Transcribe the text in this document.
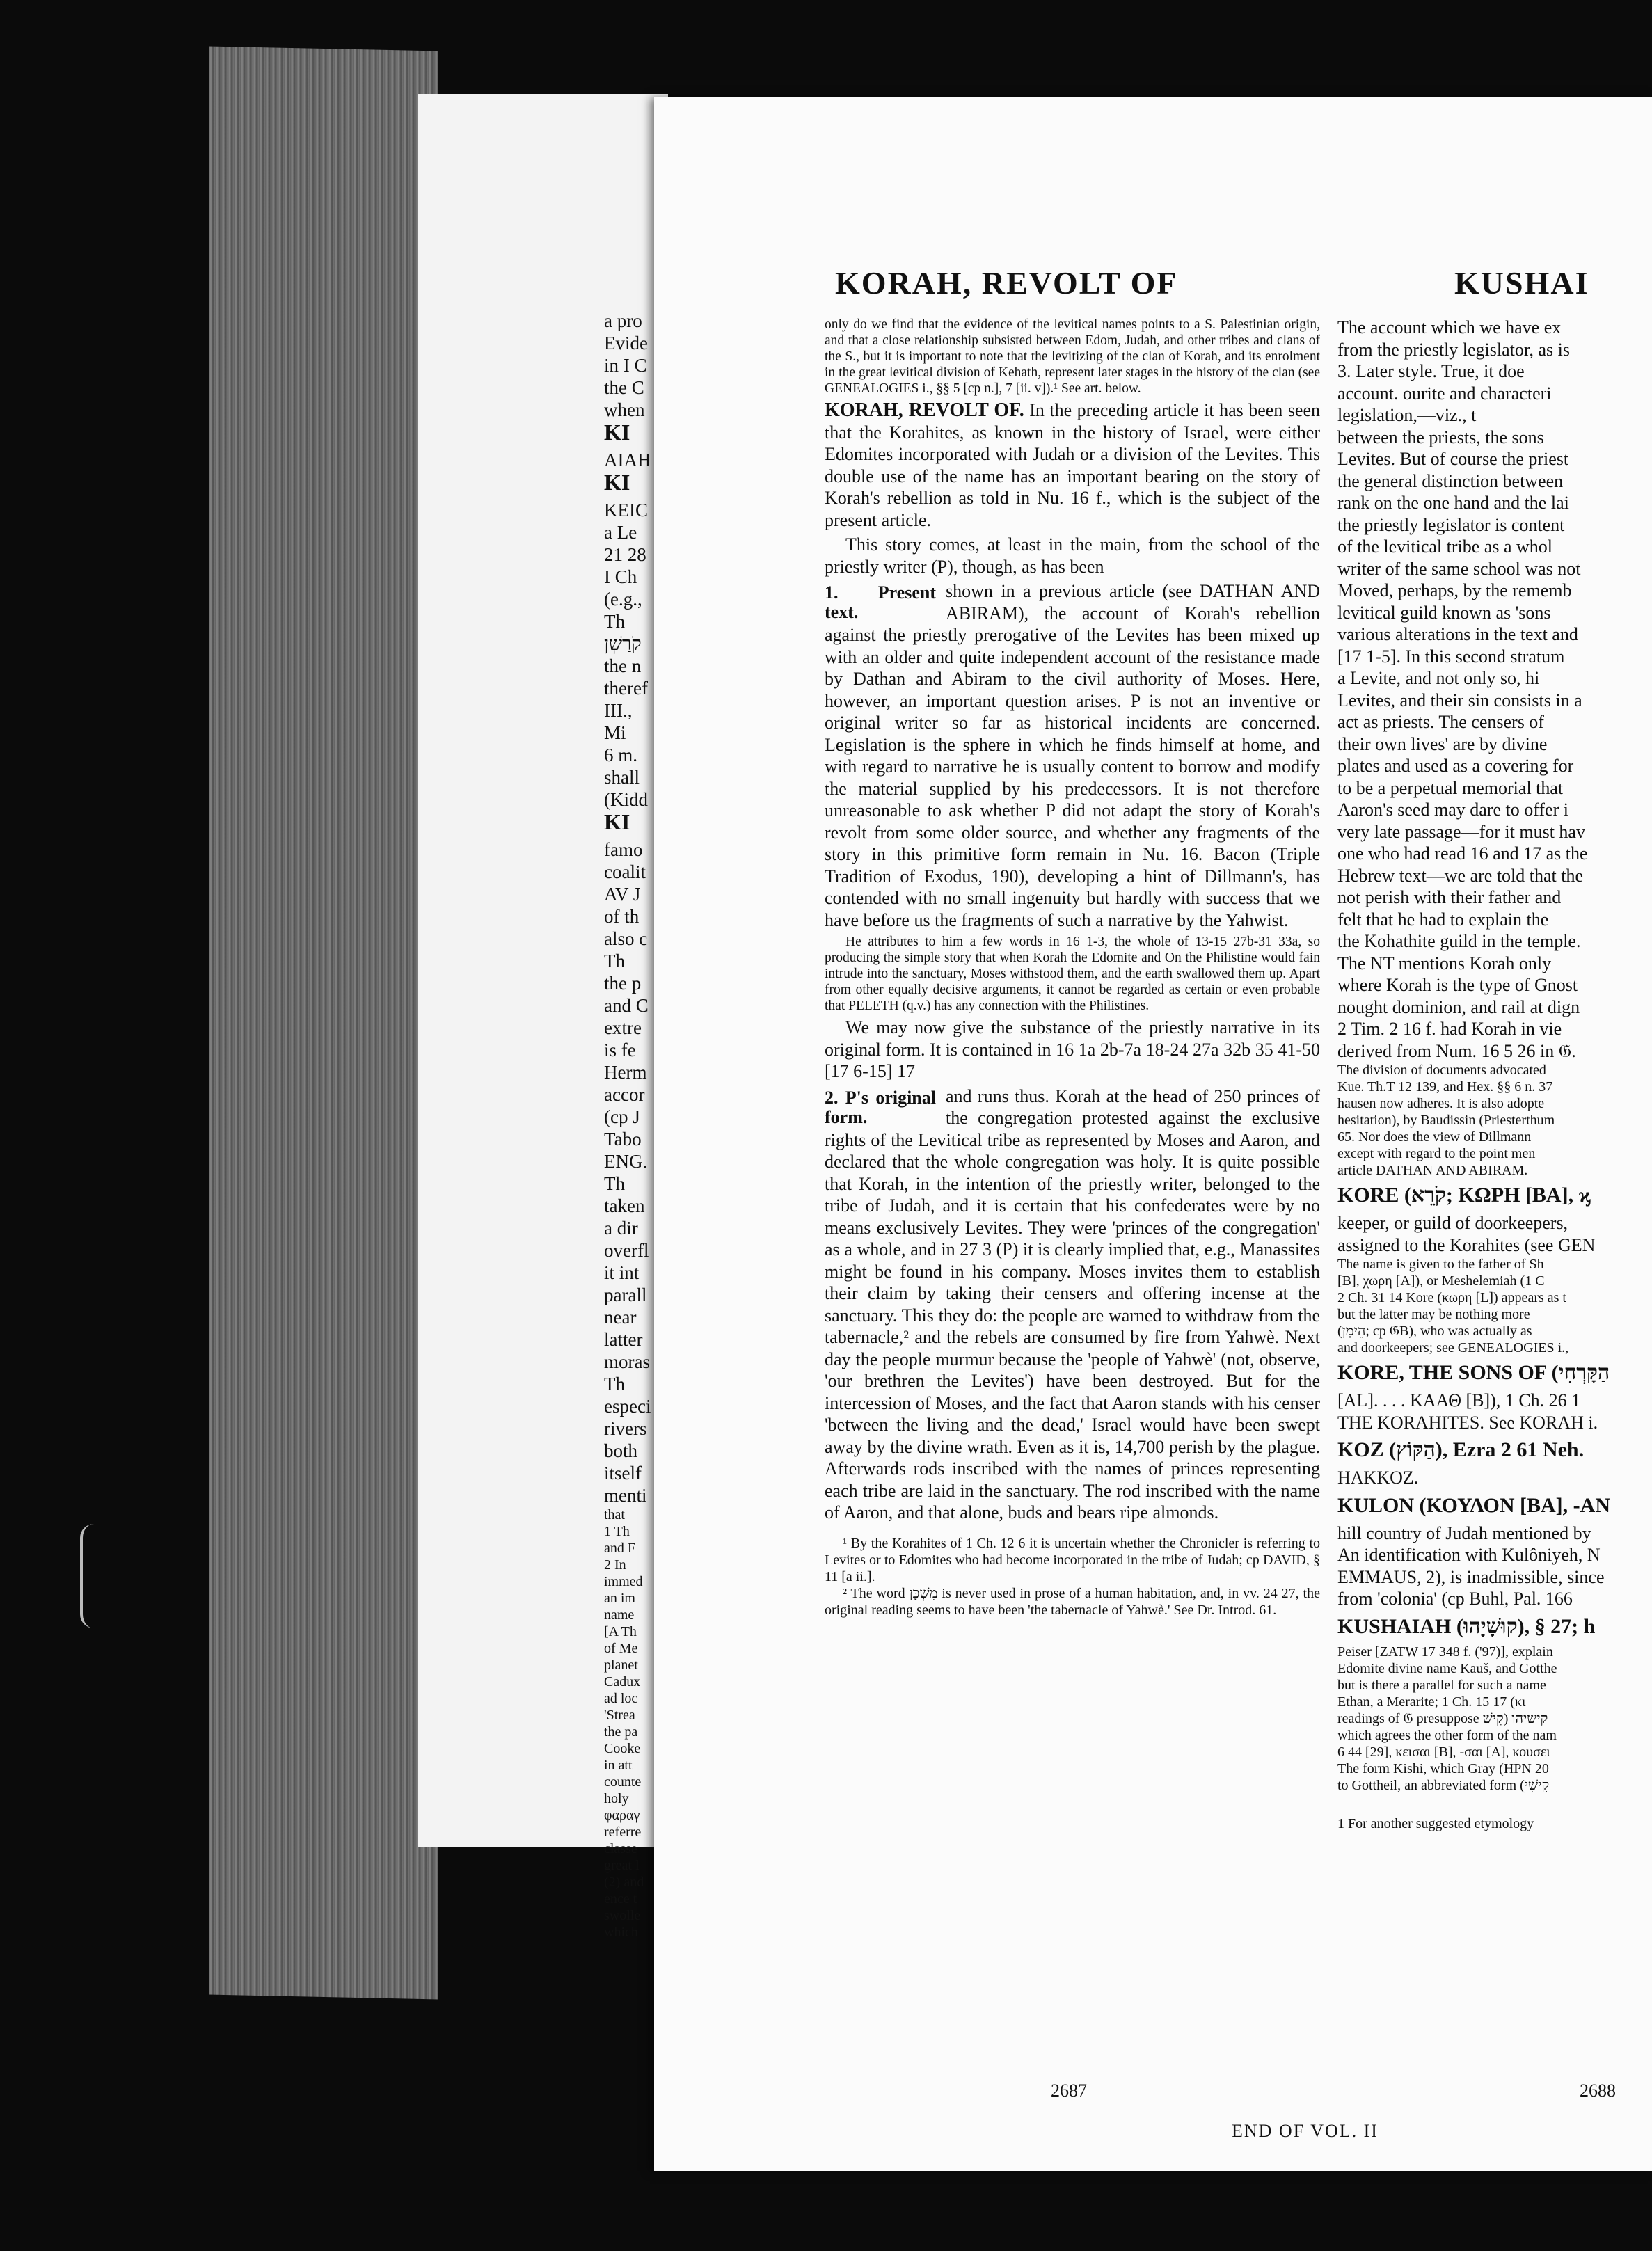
a pro
Evide
in I C
the C
when
KI
AIAH
KI
KEIC
a Le
21 28
I Ch
(e.g.,
Th
קֹרַשְׁן
the n
theref
III.,
Mi
6 m.
shall
(Kidd
KI
famo
coalit
AV J
of th
also c
Th
the p
and C
extre
is fe
Herm
accor
(cp J
Tabo
ENG.
Th
taken
a dir
overfl
it int
parall
near
latter
moras
Th
especi
rivers
both
itself
menti
that
1 Th
and F
2 In
immed
an im
name
[A Th
of Me
planet
Cadux
ad loc
'Strea
the pa
Cooke
in att
counte
holy
φαραγ
referre
classe
great l
(2) and
ence t
swolle
which
KORAH, REVOLT OF	KUSHAI

only do we find that the evidence of the levitical names points to a S. Palestinian origin, and that a close relationship subsisted between Edom, Judah, and other tribes and clans of the S., but it is important to note that the levitizing of the clan of Korah, and its enrolment in the great levitical division of Kehath, represent later stages in the history of the clan (see GENEALOGIES i., §§ 5 [cp n.], 7 [ii. v]).¹ See art. below.

KORAH, REVOLT OF. In the preceding article it has been seen that the Korahites, as known in the history of Israel, were either Edomites incorporated with Judah or a division of the Levites. This double use of the name has an important bearing on the story of Korah's rebellion as told in Nu. 16 f., which is the subject of the present article.

This story comes, at least in the main, from the school of the priestly writer (P), though, as has been

1. Present text.
shown in a previous article (see DATHAN AND ABIRAM), the account of Korah's rebellion against the priestly prerogative of the Levites has been mixed up with an older and quite independent account of the resistance made by Dathan and Abiram to the civil authority of Moses. Here, however, an important question arises. P is not an inventive or original writer so far as historical incidents are concerned. Legislation is the sphere in which he finds himself at home, and with regard to narrative he is usually content to borrow and modify the material supplied by his predecessors. It is not therefore unreasonable to ask whether P did not adapt the story of Korah's revolt from some older source, and whether any fragments of the story in this primitive form remain in Nu. 16. Bacon (Triple Tradition of Exodus, 190), developing a hint of Dillmann's, has contended with no small ingenuity but hardly with success that we have before us the fragments of such a narrative by the Yahwist.

He attributes to him a few words in 16 1-3, the whole of 13-15 27b-31 33a, so producing the simple story that when Korah the Edomite and On the Philistine would fain intrude into the sanctuary, Moses withstood them, and the earth swallowed them up. Apart from other equally decisive arguments, it cannot be regarded as certain or even probable that PELETH (q.v.) has any connection with the Philistines.

We may now give the substance of the priestly narrative in its original form. It is contained in 16 1a 2b-7a 18-24 27a 32b 35 41-50 [17 6-15] 17

2. P's original form.
and runs thus. Korah at the head of 250 princes of the congregation protested against the exclusive rights of the Levitical tribe as represented by Moses and Aaron, and declared that the whole congregation was holy. It is quite possible that Korah, in the intention of the priestly writer, belonged to the tribe of Judah, and it is certain that his confederates were by no means exclusively Levites. They were 'princes of the congregation' as a whole, and in 27 3 (P) it is clearly implied that, e.g., Manassites might be found in his company. Moses invites them to establish their claim by taking their censers and offering incense at the sanctuary. This they do: the people are warned to withdraw from the tabernacle,² and the rebels are consumed by fire from Yahwè. Next day the people murmur because the 'people of Yahwè' (not, observe, 'our brethren the Levites') have been destroyed. But for the intercession of Moses, and the fact that Aaron stands with his censer 'between the living and the dead,' Israel would have been swept away by the divine wrath. Even as it is, 14,700 perish by the plague. Afterwards rods inscribed with the names of princes representing each tribe are laid in the sanctuary. The rod inscribed with the name of Aaron, and that alone, buds and bears ripe almonds.

¹ By the Korahites of 1 Ch. 12 6 it is uncertain whether the Chronicler is referring to Levites or to Edomites who had become incorporated in the tribe of Judah; cp DAVID, § 11 [a ii.].

² The word מִשְׁכָּן is never used in prose of a human habitation, and, in vv. 24 27, the original reading seems to have been 'the tabernacle of Yahwè.' See Dr. Introd. 61.

The account which we have ex
from the priestly legislator, as is
3. Later style. True, it doe
account. ourite and characteri
legislation,—viz., t
between the priests, the sons
Levites. But of course the priest
the general distinction between
rank on the one hand and the lai
the priestly legislator is content
of the levitical tribe as a whol
writer of the same school was not
Moved, perhaps, by the rememb
levitical guild known as 'sons
various alterations in the text and
[17 1-5]. In this second stratum
a Levite, and not only so, hi
Levites, and their sin consists in a
act as priests. The censers of
their own lives' are by divine
plates and used as a covering for
to be a perpetual memorial that
Aaron's seed may dare to offer i
very late passage—for it must hav
one who had read 16 and 17 as the
Hebrew text—we are told that the
not perish with their father and
felt that he had to explain the
the Kohathite guild in the temple.
The NT mentions Korah only
where Korah is the type of Gnost
nought dominion, and rail at dign
2 Tim. 2 16 f. had Korah in vie
derived from Num. 16 5 26 in 𝔊.
The division of documents advocated
Kue. Th.T 12 139, and Hex. §§ 6 n. 37
hausen now adheres. It is also adopte
hesitation), by Baudissin (Priesterthum
65. Nor does the view of Dillmann
except with regard to the point men
article DATHAN AND ABIRAM.
KORE (קֹרֵא; ΚΩΡΗ [BA], ϗ
keeper, or guild of doorkeepers,
assigned to the Korahites (see GEN
The name is given to the father of Sh
[B], χωρη [A]), or Meshelemiah (1 C
2 Ch. 31 14 Kore (κωρη [L]) appears as t
but the latter may be nothing more
(הֵימָן; cp 𝔊B), who was actually as
and doorkeepers; see GENEALOGIES i.,
KORE, THE SONS OF (הַקָּרְחִי
[AL]. . . . ΚΑΑΘ [B]), 1 Ch. 26 1
THE KORAHITES. See KORAH i.
KOZ (הַקּוֹץ), Ezra 2 61 Neh.
HAKKOZ.
KULON (ΚΟΥΛΟΝ [BA], -ΑΝ
hill country of Judah mentioned by
An identification with Kulôniyeh, N
EMMAUS, 2), is inadmissible, since
from 'colonia' (cp Buhl, Pal. 166
KUSHAIAH (קוּשָׁיָהוּ), § 27; h
Peiser [ZATW 17 348 f. ('97)], explain
Edomite divine name Kauš, and Gotthe
but is there a parallel for such a name
Ethan, a Merarite; 1 Ch. 15 17 (κι
readings of 𝔊 presuppose קישיהו (קִישׁ
which agrees the other form of the nam
6 44 [29], κεισαι [B], -σαι [A], κουσει
The form Kishi, which Gray (HPN 20
to Gottheil, an abbreviated form (קִישִׁי
1 For another suggested etymology
2687	2688
END OF VOL. II
